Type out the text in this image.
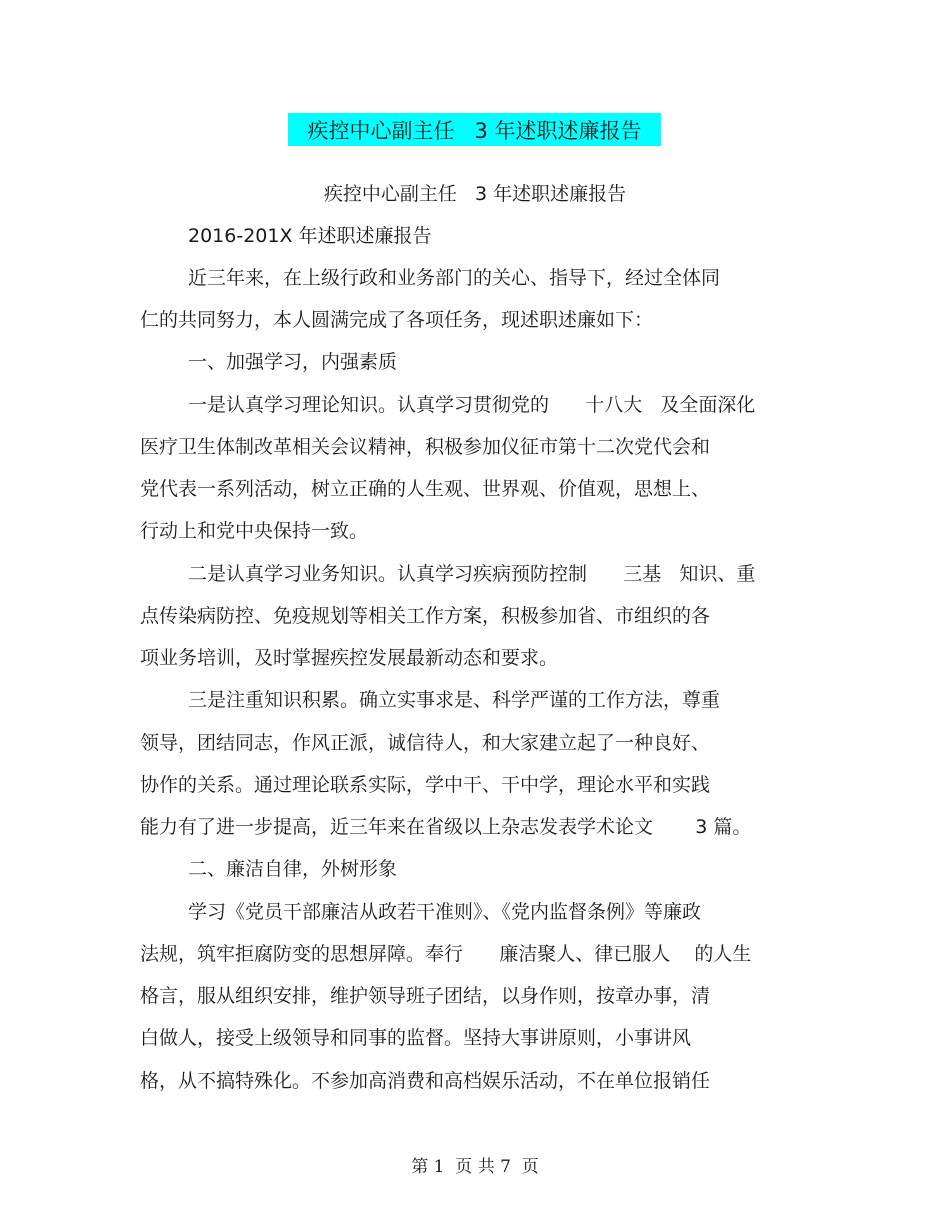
疾控中心副主任   3 年述职述廉报告
疾控中心副主任   3 年述职述廉报告
2016-201X 年述职述廉报告
近三年来，在上级行政和业务部门的关心、指导下，经过全体同
仁的共同努力，本人圆满完成了各项任务，现述职述廉如下：
一、加强学习，内强素质
一是认真学习理论知识。认真学习贯彻党的      十八大   及全面深化
医疗卫生体制改革相关会议精神，积极参加仪征市第十二次党代会和
党代表一系列活动，树立正确的人生观、世界观、价值观，思想上、
行动上和党中央保持一致。
二是认真学习业务知识。认真学习疾病预防控制      三基   知识、重
点传染病防控、免疫规划等相关工作方案，积极参加省、市组织的各
项业务培训，及时掌握疾控发展最新动态和要求。
三是注重知识积累。确立实事求是、科学严谨的工作方法，尊重
领导，团结同志，作风正派，诚信待人，和大家建立起了一种良好、
协作的关系。通过理论联系实际，学中干、干中学，理论水平和实践
能力有了进一步提高，近三年来在省级以上杂志发表学术论文       3 篇。
二、廉洁自律，外树形象
学习《党员干部廉洁从政若干准则》、《党内监督条例》等廉政
法规，筑牢拒腐防变的思想屏障。奉行      廉洁聚人、律已服人    的人生
格言，服从组织安排，维护领导班子团结，以身作则，按章办事，清
白做人，接受上级领导和同事的监督。坚持大事讲原则，小事讲风
格，从不搞特殊化。不参加高消费和高档娱乐活动，不在单位报销任
第 1  页 共 7  页
